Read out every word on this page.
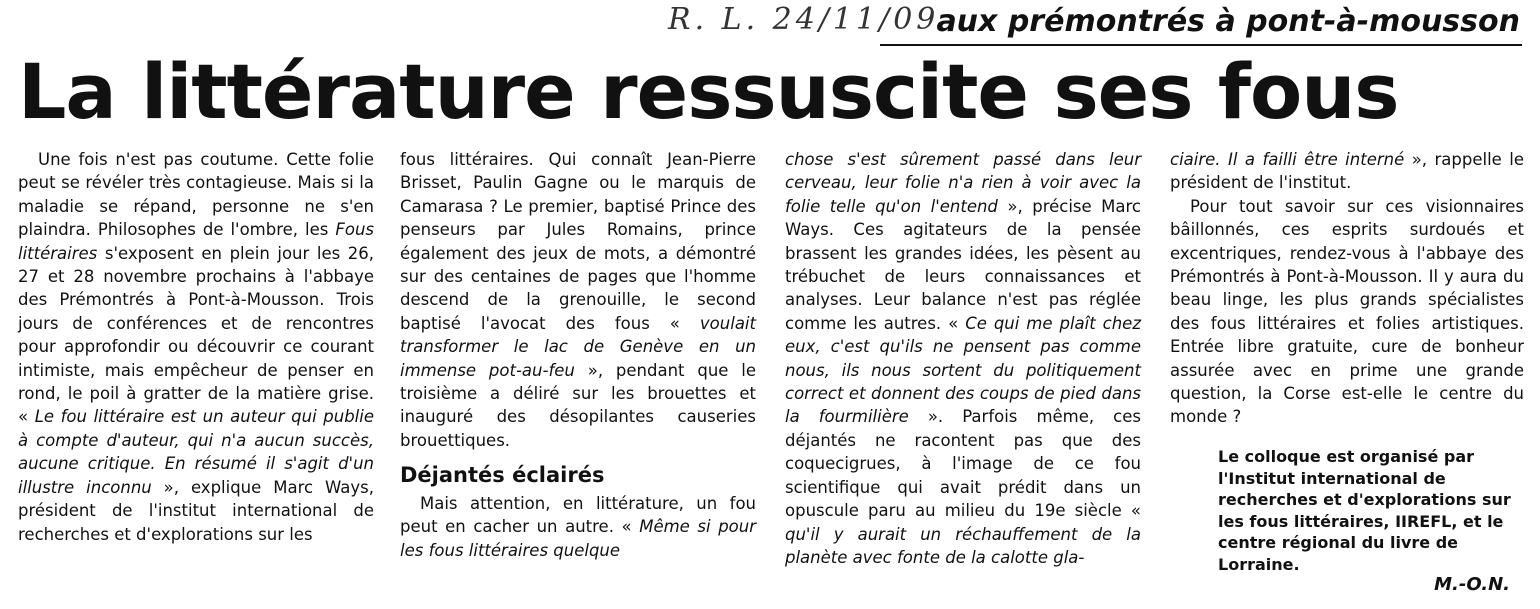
R. L. 24/11/09
aux prémontrés à pont-à-mousson
La littérature ressuscite ses fous

Une fois n'est pas coutume. Cette folie peut se révéler très contagieuse. Mais si la maladie se répand, personne ne s'en plaindra. Philosophes de l'ombre, les Fous littéraires s'exposent en plein jour les 26, 27 et 28 novembre prochains à l'abbaye des Prémontrés à Pont-à-Mousson. Trois jours de conférences et de rencontres pour approfondir ou découvrir ce courant intimiste, mais empêcheur de penser en rond, le poil à gratter de la matière grise. « Le fou littéraire est un auteur qui publie à compte d'auteur, qui n'a aucun succès, aucune critique. En résumé il s'agit d'un illustre inconnu », explique Marc Ways, président de l'institut international de recherches et d'explorations sur les

fous littéraires. Qui connaît Jean-Pierre Brisset, Paulin Gagne ou le marquis de Camarasa ? Le premier, baptisé Prince des penseurs par Jules Romains, prince également des jeux de mots, a démontré sur des centaines de pages que l'homme descend de la grenouille, le second baptisé l'avocat des fous « voulait transformer le lac de Genève en un immense pot-au-feu », pendant que le troisième a déliré sur les brouettes et inauguré des désopilantes causeries brouettiques.

Déjantés éclairés

Mais attention, en littérature, un fou peut en cacher un autre. « Même si pour les fous littéraires quelque

chose s'est sûrement passé dans leur cerveau, leur folie n'a rien à voir avec la folie telle qu'on l'entend », précise Marc Ways. Ces agitateurs de la pensée brassent les grandes idées, les pèsent au trébuchet de leurs connaissances et analyses. Leur balance n'est pas réglée comme les autres. « Ce qui me plaît chez eux, c'est qu'ils ne pensent pas comme nous, ils nous sortent du politiquement correct et donnent des coups de pied dans la fourmilière ». Parfois même, ces déjantés ne racontent pas que des coquecigrues, à l'image de ce fou scientifique qui avait prédit dans un opuscule paru au milieu du 19e siècle « qu'il y aurait un réchauffement de la planète avec fonte de la calotte gla-

ciaire. Il a failli être interné », rappelle le président de l'institut.

Pour tout savoir sur ces visionnaires bâillonnés, ces esprits surdoués et excentriques, rendez-vous à l'abbaye des Prémontrés à Pont-à-Mousson. Il y aura du beau linge, les plus grands spécialistes des fous littéraires et folies artistiques. Entrée libre gratuite, cure de bonheur assurée avec en prime une grande question, la Corse est-elle le centre du monde ?

Le colloque est organisé par l'Institut international de recherches et d'explorations sur les fous littéraires, IIREFL, et le centre régional du livre de Lorraine.
M.-O.N.
